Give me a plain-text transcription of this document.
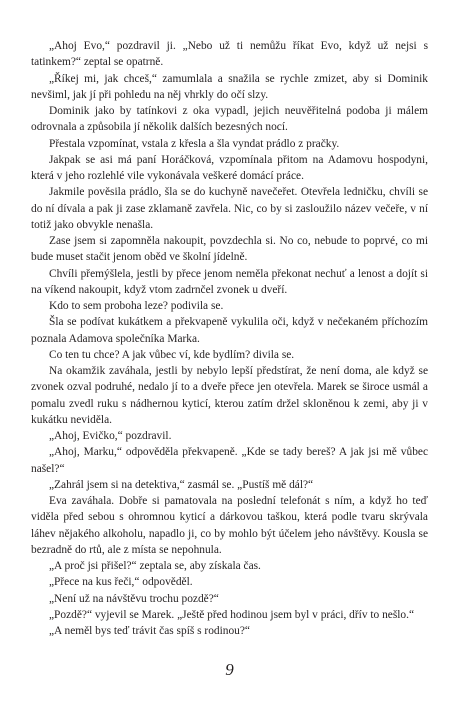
„Ahoj Evo,“ pozdravil ji. „Nebo už ti nemůžu říkat Evo, když už nejsi s tatinkem?“ zeptal se opatrně.

„Říkej mi, jak chceš,“ zamumlala a snažila se rychle zmizet, aby si Dominik nevšiml, jak jí při pohledu na něj vhrkly do očí slzy.

Dominik jako by tatínkovi z oka vypadl, jejich neuvěřitelná podoba ji málem odrovnala a způsobila jí několik dalších bezesných nocí.

Přestala vzpomínat, vstala z křesla a šla vyndat prádlo z pračky.

Jakpak se asi má paní Horáčková, vzpomínala přitom na Adamovu hospodyni, která v jeho rozlehlé vile vykonávala veškeré domácí práce.

Jakmile pověsila prádlo, šla se do kuchyně navečeřet. Otevřela ledničku, chvíli se do ní dívala a pak ji zase zklamaně zavřela. Nic, co by si zasloužilo název večeře, v ní totiž jako obvykle nenašla.

Zase jsem si zapomněla nakoupit, povzdechla si. No co, nebude to poprvé, co mi bude muset stačit jenom oběd ve školní jídelně.

Chvíli přemýšlela, jestli by přece jenom neměla překonat nechuť a lenost a dojít si na víkend nakoupit, když vtom zadrnčel zvonek u dveří.

Kdo to sem proboha leze? podivila se.

Šla se podívat kukátkem a překvapeně vykulila oči, když v nečekaném příchozím poznala Adamova společníka Marka.

Co ten tu chce? A jak vůbec ví, kde bydlím? divila se.

Na okamžik zaváhala, jestli by nebylo lepší předstírat, že není doma, ale když se zvonek ozval podruhé, nedalo jí to a dveře přece jen otevřela. Marek se široce usmál a pomalu zvedl ruku s nádhernou kyticí, kterou zatím držel skloněnou k zemi, aby ji v kukátku neviděla.

„Ahoj, Evičko,“ pozdravil.

„Ahoj, Marku,“ odpověděla překvapeně. „Kde se tady bereš? A jak jsi mě vůbec našel?“

„Zahrál jsem si na detektiva,“ zasmál se. „Pustíš mě dál?“

Eva zaváhala. Dobře si pamatovala na poslední telefonát s ním, a když ho teď viděla před sebou s ohromnou kyticí a dárkovou taškou, která podle tvaru skrývala láhev nějakého alkoholu, napadlo ji, co by mohlo být účelem jeho návštěvy. Kousla se bezradně do rtů, ale z místa se nepohnula.

„A proč jsi přišel?“ zeptala se, aby získala čas.

„Přece na kus řeči,“ odpověděl.

„Není už na návštěvu trochu pozdě?“

„Pozdě?“ vyjevil se Marek. „Ještě před hodinou jsem byl v práci, dřív to nešlo.“

„A neměl bys teď trávit čas spíš s rodinou?“

9
